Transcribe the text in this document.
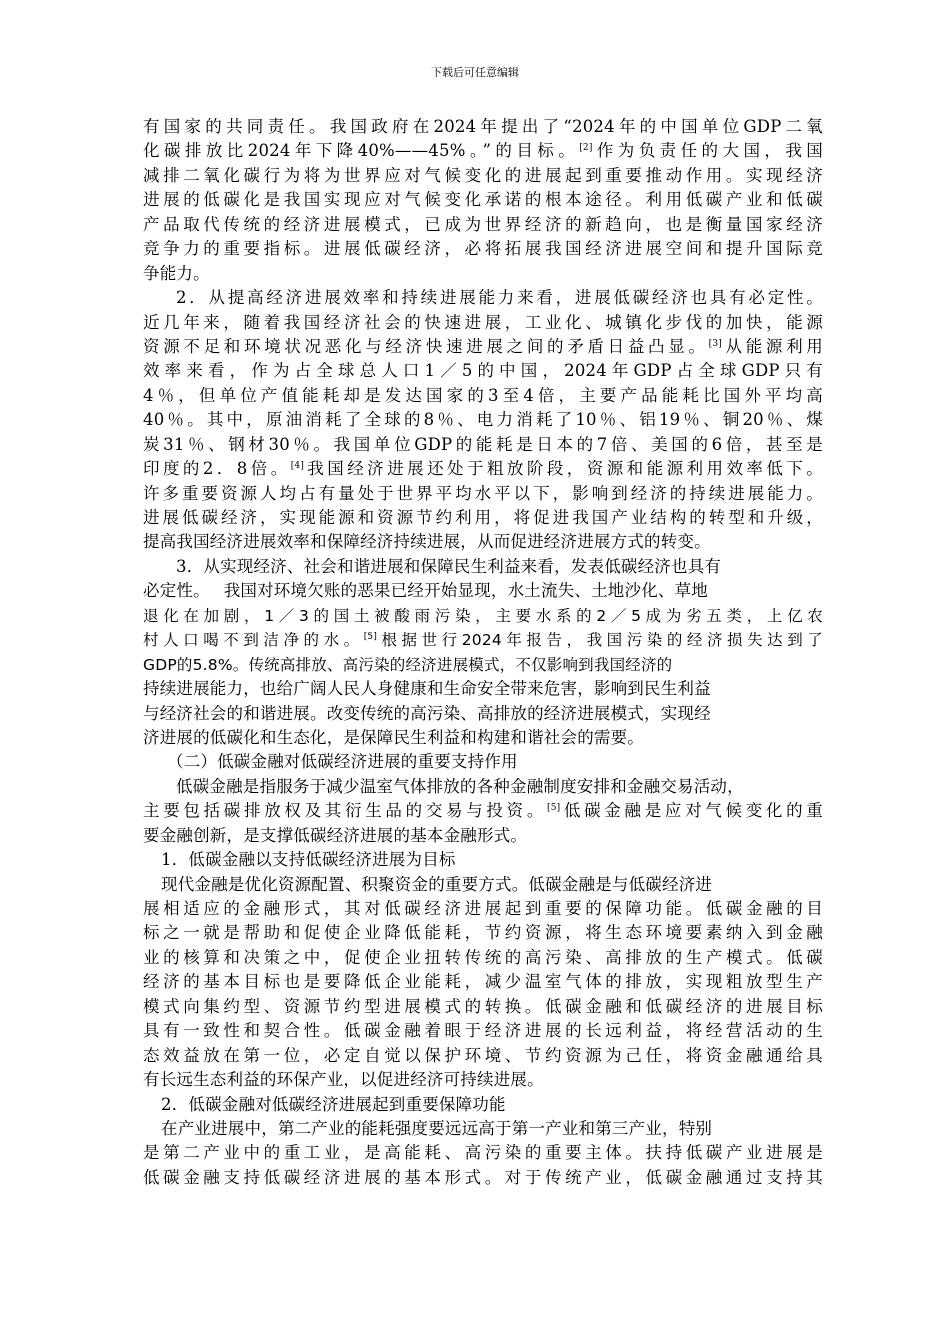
下载后可任意编辑
有国家的共同责任。我国政府在2024年提出了“2024年的中国单位GDP二氧
化碳排放比2024年下降40%——45%。”的目标。[2]作为负责任的大国，我国
减排二氧化碳行为将为世界应对气候变化的进展起到重要推动作用。实现经济
进展的低碳化是我国实现应对气候变化承诺的根本途径。利用低碳产业和低碳
产品取代传统的经济进展模式，已成为世界经济的新趋向，也是衡量国家经济
竞争力的重要指标。进展低碳经济，必将拓展我国经济进展空间和提升国际竞
争能力。
2．从提高经济进展效率和持续进展能力来看，进展低碳经济也具有必定性。
近几年来，随着我国经济社会的快速进展，工业化、城镇化步伐的加快，能源
资源不足和环境状况恶化与经济快速进展之间的矛盾日益凸显。[3]从能源利用
效率来看，作为占全球总人口1／5的中国，2024年GDP占全球GDP只有
4％，但单位产值能耗却是发达国家的3至4倍，主要产品能耗比国外平均高
40％。其中，原油消耗了全球的8％、电力消耗了10％、铝19％、铜20％、煤
炭31％、钢材30％。我国单位GDP的能耗是日本的7倍、美国的6倍，甚至是
印度的2．8倍。[4]我国经济进展还处于粗放阶段，资源和能源利用效率低下。
许多重要资源人均占有量处于世界平均水平以下，影响到经济的持续进展能力。
进展低碳经济，实现能源和资源节约利用，将促进我国产业结构的转型和升级，
提高我国经济进展效率和保障经济持续进展，从而促进经济进展方式的转变。
3．从实现经济、社会和谐进展和保障民生利益来看，发表低碳经济也具有
必定性。　 我国对环境欠账的恶果已经开始显现，水土流失、土地沙化、草地
退化在加剧，1／3的国土被酸雨污染，主要水系的2／5成为劣五类，上亿农
村人口喝不到洁净的水。[5]根据世行2024年报告，我国污染的经济损失达到了
GDP的5.8%。传统高排放、高污染的经济进展模式，不仅影响到我国经济的
持续进展能力，也给广阔人民人身健康和生命安全带来危害，影响到民生利益
与经济社会的和谐进展。改变传统的高污染、高排放的经济进展模式，实现经
济进展的低碳化和生态化，是保障民生利益和构建和谐社会的需要。
（二）低碳金融对低碳经济进展的重要支持作用
低碳金融是指服务于减少温室气体排放的各种金融制度安排和金融交易活动，
主要包括碳排放权及其衍生品的交易与投资。[5]低碳金融是应对气候变化的重
要金融创新，是支撑低碳经济进展的基本金融形式。
1．低碳金融以支持低碳经济进展为目标
现代金融是优化资源配置、积聚资金的重要方式。低碳金融是与低碳经济进
展相适应的金融形式，其对低碳经济进展起到重要的保障功能。低碳金融的目
标之一就是帮助和促使企业降低能耗，节约资源，将生态环境要素纳入到金融
业的核算和决策之中，促使企业扭转传统的高污染、高排放的生产模式。低碳
经济的基本目标也是要降低企业能耗，减少温室气体的排放，实现粗放型生产
模式向集约型、资源节约型进展模式的转换。低碳金融和低碳经济的进展目标
具有一致性和契合性。低碳金融着眼于经济进展的长远利益，将经营活动的生
态效益放在第一位，必定自觉以保护环境、节约资源为己任，将资金融通给具
有长远生态利益的环保产业，以促进经济可持续进展。
2．低碳金融对低碳经济进展起到重要保障功能
在产业进展中，第二产业的能耗强度要远远高于第一产业和第三产业，特别
是第二产业中的重工业，是高能耗、高污染的重要主体。扶持低碳产业进展是
低碳金融支持低碳经济进展的基本形式。对于传统产业，低碳金融通过支持其
